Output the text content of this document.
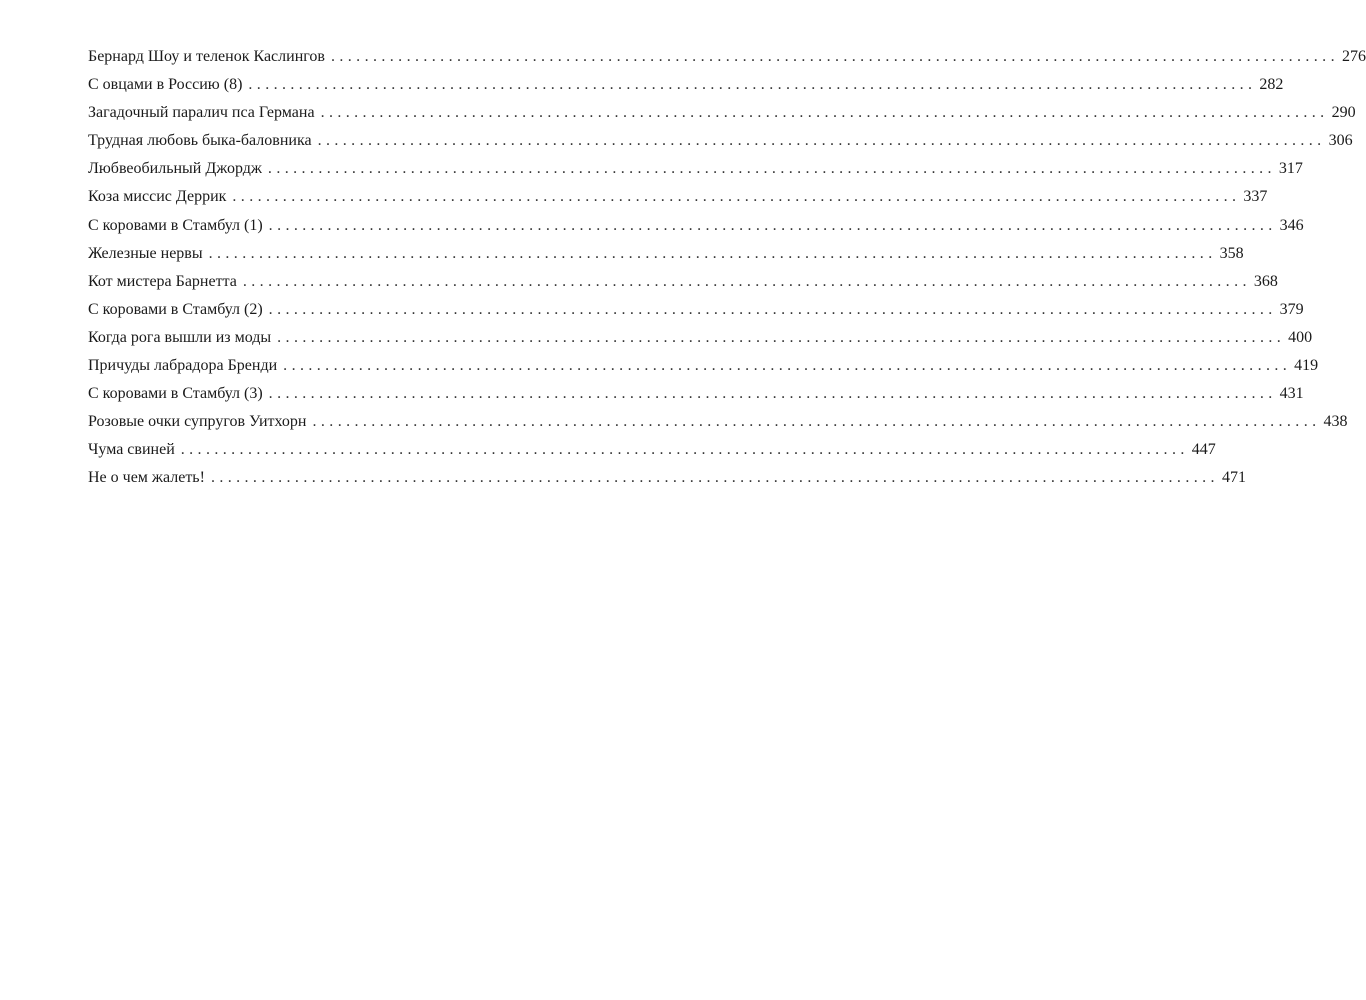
Бернард Шоу и теленок Каслингов ........................................................................................................................ 276
С овцами в Россию (8) ........................................................................................................................ 282
Загадочный паралич пса Германа ........................................................................................................................ 290
Трудная любовь быка-баловника ........................................................................................................................ 306
Любвеобильный Джордж ........................................................................................................................ 317
Коза миссис Деррик ........................................................................................................................ 337
С коровами в Стамбул (1) ........................................................................................................................ 346
Железные нервы ........................................................................................................................ 358
Кот мистера Барнетта ........................................................................................................................ 368
С коровами в Стамбул (2) ........................................................................................................................ 379
Когда рога вышли из моды ........................................................................................................................ 400
Причуды лабрадора Бренди ........................................................................................................................ 419
С коровами в Стамбул (3) ........................................................................................................................ 431
Розовые очки супругов Уитхорн ........................................................................................................................ 438
Чума свиней ........................................................................................................................ 447
Не о чем жалеть! ........................................................................................................................ 471
